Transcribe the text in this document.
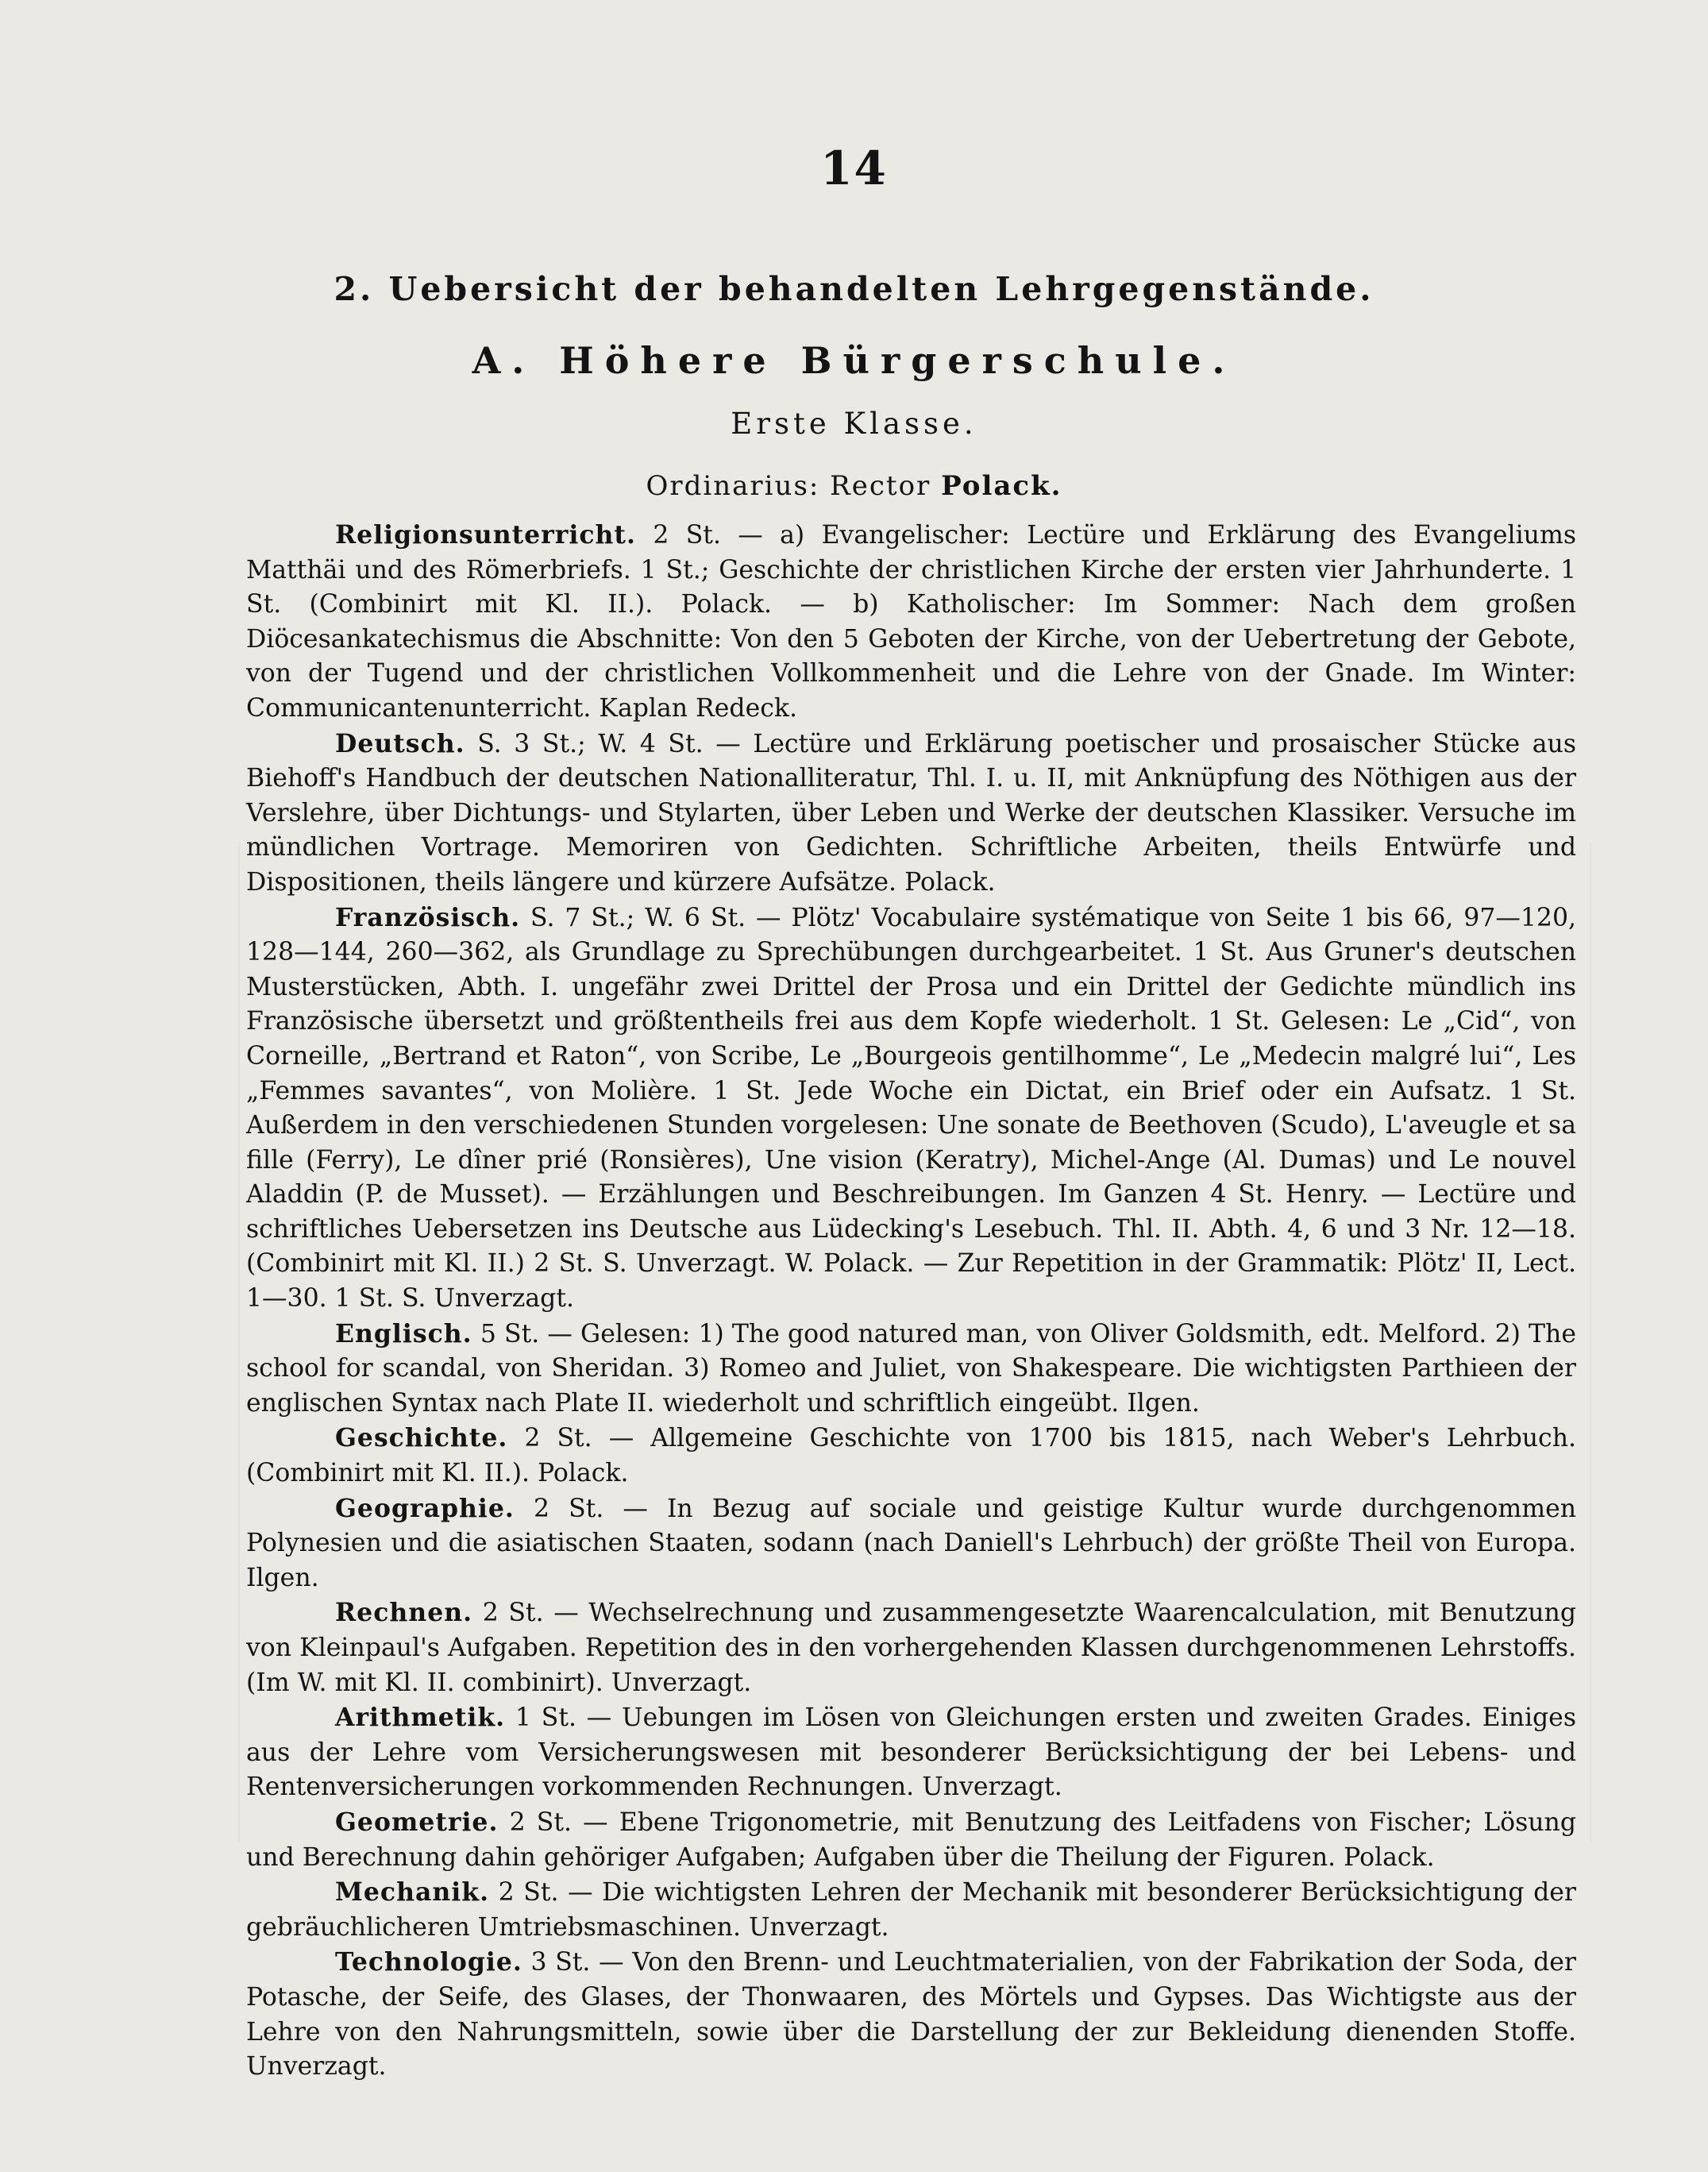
14
2. Uebersicht der behandelten Lehrgegenstände.
A. Höhere Bürgerschule.
Erste Klasse.
Ordinarius: Rector Polack.

Religionsunterricht. 2 St. — a) Evangelischer: Lectüre und Erklärung des Evangeliums Matthäi und des Römerbriefs. 1 St.; Geschichte der christlichen Kirche der ersten vier Jahrhunderte. 1 St. (Combinirt mit Kl. II.). Polack. — b) Katholischer: Im Sommer: Nach dem großen Diöcesankatechismus die Abschnitte: Von den 5 Geboten der Kirche, von der Uebertretung der Gebote, von der Tugend und der christlichen Vollkommenheit und die Lehre von der Gnade. Im Winter: Communicantenunterricht. Kaplan Redeck.

Deutsch. S. 3 St.; W. 4 St. — Lectüre und Erklärung poetischer und prosaischer Stücke aus Biehoff's Handbuch der deutschen Nationalliteratur, Thl. I. u. II, mit Anknüpfung des Nöthigen aus der Verslehre, über Dichtungs- und Stylarten, über Leben und Werke der deutschen Klassiker. Versuche im mündlichen Vortrage. Memoriren von Gedichten. Schriftliche Arbeiten, theils Entwürfe und Dispositionen, theils längere und kürzere Aufsätze. Polack.

Französisch. S. 7 St.; W. 6 St. — Plötz' Vocabulaire systématique von Seite 1 bis 66, 97—120, 128—144, 260—362, als Grundlage zu Sprechübungen durchgearbeitet. 1 St. Aus Gruner's deutschen Musterstücken, Abth. I. ungefähr zwei Drittel der Prosa und ein Drittel der Gedichte mündlich ins Französische übersetzt und größtentheils frei aus dem Kopfe wiederholt. 1 St. Gelesen: Le „Cid“, von Corneille, „Bertrand et Raton“, von Scribe, Le „Bourgeois gentilhomme“, Le „Medecin malgré lui“, Les „Femmes savantes“, von Molière. 1 St. Jede Woche ein Dictat, ein Brief oder ein Aufsatz. 1 St. Außerdem in den verschiedenen Stunden vorgelesen: Une sonate de Beethoven (Scudo), L'aveugle et sa fille (Ferry), Le dîner prié (Ronsières), Une vision (Keratry), Michel-Ange (Al. Dumas) und Le nouvel Aladdin (P. de Musset). — Erzählungen und Beschreibungen. Im Ganzen 4 St. Henry. — Lectüre und schriftliches Uebersetzen ins Deutsche aus Lüdecking's Lesebuch. Thl. II. Abth. 4, 6 und 3 Nr. 12—18. (Combinirt mit Kl. II.) 2 St. S. Unverzagt. W. Polack. — Zur Repetition in der Grammatik: Plötz' II, Lect. 1—30. 1 St. S. Unverzagt.

Englisch. 5 St. — Gelesen: 1) The good natured man, von Oliver Goldsmith, edt. Melford. 2) The school for scandal, von Sheridan. 3) Romeo and Juliet, von Shakespeare. Die wichtigsten Parthieen der englischen Syntax nach Plate II. wiederholt und schriftlich eingeübt. Ilgen.

Geschichte. 2 St. — Allgemeine Geschichte von 1700 bis 1815, nach Weber's Lehrbuch. (Combinirt mit Kl. II.). Polack.

Geographie. 2 St. — In Bezug auf sociale und geistige Kultur wurde durchgenommen Polynesien und die asiatischen Staaten, sodann (nach Daniell's Lehrbuch) der größte Theil von Europa. Ilgen.

Rechnen. 2 St. — Wechselrechnung und zusammengesetzte Waarencalculation, mit Benutzung von Kleinpaul's Aufgaben. Repetition des in den vorhergehenden Klassen durchgenommenen Lehrstoffs. (Im W. mit Kl. II. combinirt). Unverzagt.

Arithmetik. 1 St. — Uebungen im Lösen von Gleichungen ersten und zweiten Grades. Einiges aus der Lehre vom Versicherungswesen mit besonderer Berücksichtigung der bei Lebens- und Rentenversicherungen vorkommenden Rechnungen. Unverzagt.

Geometrie. 2 St. — Ebene Trigonometrie, mit Benutzung des Leitfadens von Fischer; Lösung und Berechnung dahin gehöriger Aufgaben; Aufgaben über die Theilung der Figuren. Polack.

Mechanik. 2 St. — Die wichtigsten Lehren der Mechanik mit besonderer Berücksichtigung der gebräuchlicheren Umtriebsmaschinen. Unverzagt.

Technologie. 3 St. — Von den Brenn- und Leuchtmaterialien, von der Fabrikation der Soda, der Potasche, der Seife, des Glases, der Thonwaaren, des Mörtels und Gypses. Das Wichtigste aus der Lehre von den Nahrungsmitteln, sowie über die Darstellung der zur Bekleidung dienenden Stoffe. Unverzagt.
